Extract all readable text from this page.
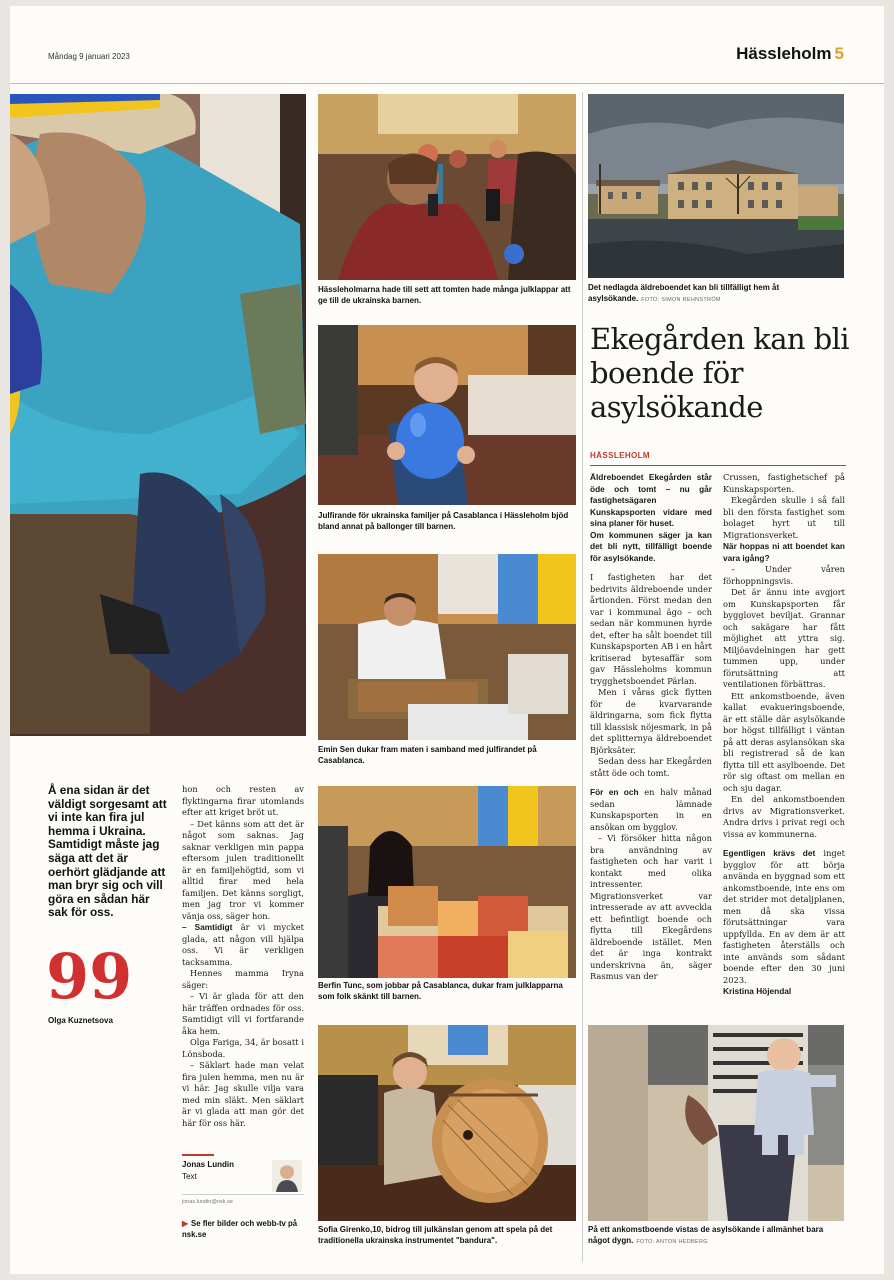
Måndag 9 januari 2023	Hässleholm 5
Hässleholmarna hade till sett att tomten hade många julklappar att ge till de ukrainska barnen.
Julfirande för ukrainska familjer på Casablanca i Hässleholm bjöd bland annat på ballonger till barnen.
Emin Sen dukar fram maten i samband med julfirandet på Casablanca.
Berfin Tunc, som jobbar på Casablanca, dukar fram julklapparna som folk skänkt till barnen.
Sofia Girenko,10, bidrog till julkänslan genom att spela på det traditionella ukrainska instrumentet "bandura".
Det nedlagda äldreboendet kan bli tillfälligt hem åt asylsökande. FOTO: SIMON REHNSTRÖM
På ett ankomstboende vistas de asylsökande i allmänhet bara något dygn. FOTO: ANTON HEDBERG
Å ena sidan är det väldigt sorgesamt att vi inte kan fira jul hemma i Ukraina. Samtidigt måste jag säga att det är oerhört glädjande att man bryr sig och vill göra en sådan här sak för oss.
99
Olga Kuznetsova

hon och resten av flyktingarna firar utomlands efter att kriget bröt ut.

– Det känns som att det är något som saknas. Jag saknar verkligen min pappa eftersom julen traditionellt är en familjehögtid, som vi alltid firar med hela familjen. Det känns sorgligt, men jag tror vi kommer vänja oss, säger hon.

– Samtidigt är vi mycket glada, att någon vill hjälpa oss. Vi är verkligen tacksamma.

Hennes mamma Iryna säger:

– Vi är glada för att den här träffen ordnades för oss. Samtidigt vill vi fortfarande åka hem.

Olga Fariga, 34, är bosatt i Lönsboda.

– Säklart hade man velat fira julen hemma, men nu är vi här. Jag skulle vilja vara med min släkt. Men säklart är vi glada att man gör det här för oss här.

Jonas Lundin
Text
jonas.lundin@nsk.se
▶ Se fler bilder och webb-tv på nsk.se
Ekegården kan bli boende för asylsökande
HÄSSLEHOLM

Äldreboendet Ekegården står öde och tomt – nu går fastighetsägaren Kunskapsporten vidare med sina planer för huset.

Om kommunen säger ja kan det bli nytt, tillfälligt boende för asylsökande.

I fastigheten har det bedrivits äldreboende under årtionden. Först medan den var i kommunal ägo – och sedan när kommunen hyrde det, efter ha sålt boendet till Kunskapsporten AB i en hårt kritiserad bytesaffär som gav Hässleholms kommun trygghetsboendet Pärlan.

Men i våras gick flytten för de kvarvarande äldringarna, som fick flytta till klassisk nöjesmark, in på det splitternya äldreboendet Björksäter.

Sedan dess har Ekegården stått öde och tomt.

För en och en halv månad sedan lämnade Kunskapsporten in en ansökan om bygglov.

– Vi försöker hitta någon bra användning av fastigheten och har varit i kontakt med olika intressenter. Migrationsverket var intresserade av att avveckla ett befintligt boende och flytta till Ekegårdens äldreboende istället. Men det är inga kontrakt underskrivna än, säger Rasmus van der

Crussen, fastighetschef på Kunskapsporten.

Ekegården skulle i så fall bli den första fastighet som bolaget hyrt ut till Migrationsverket.

När hoppas ni att boendet kan vara igång?

– Under våren förhoppningsvis.

Det är ännu inte avgjort om Kunskapsporten får bygglovet beviljat. Grannar och sakägare har fått möjlighet att yttra sig. Miljöavdelningen har gett tummen upp, under förutsättning att ventilationen förbättras.

Ett ankomstboende, även kallat evakueringsboende, är ett ställe där asylsökande bor högst tillfälligt i väntan på att deras asylansökan ska bli registrerad så de kan flytta till ett asylboende. Det rör sig oftast om mellan en och sju dagar.

En del ankomstboenden drivs av Migrationsverket. Andra drivs i privat regi och vissa av kommunerna.

Egentligen krävs det inget bygglov för att börja använda en byggnad som ett ankomstboende, inte ens om det strider mot detaljplanen, men då ska vissa förutsättningar vara uppfyllda. En av dem är att fastigheten återställs och inte används som sådant boende efter den 30 juni 2023.

Kristina Höjendal
